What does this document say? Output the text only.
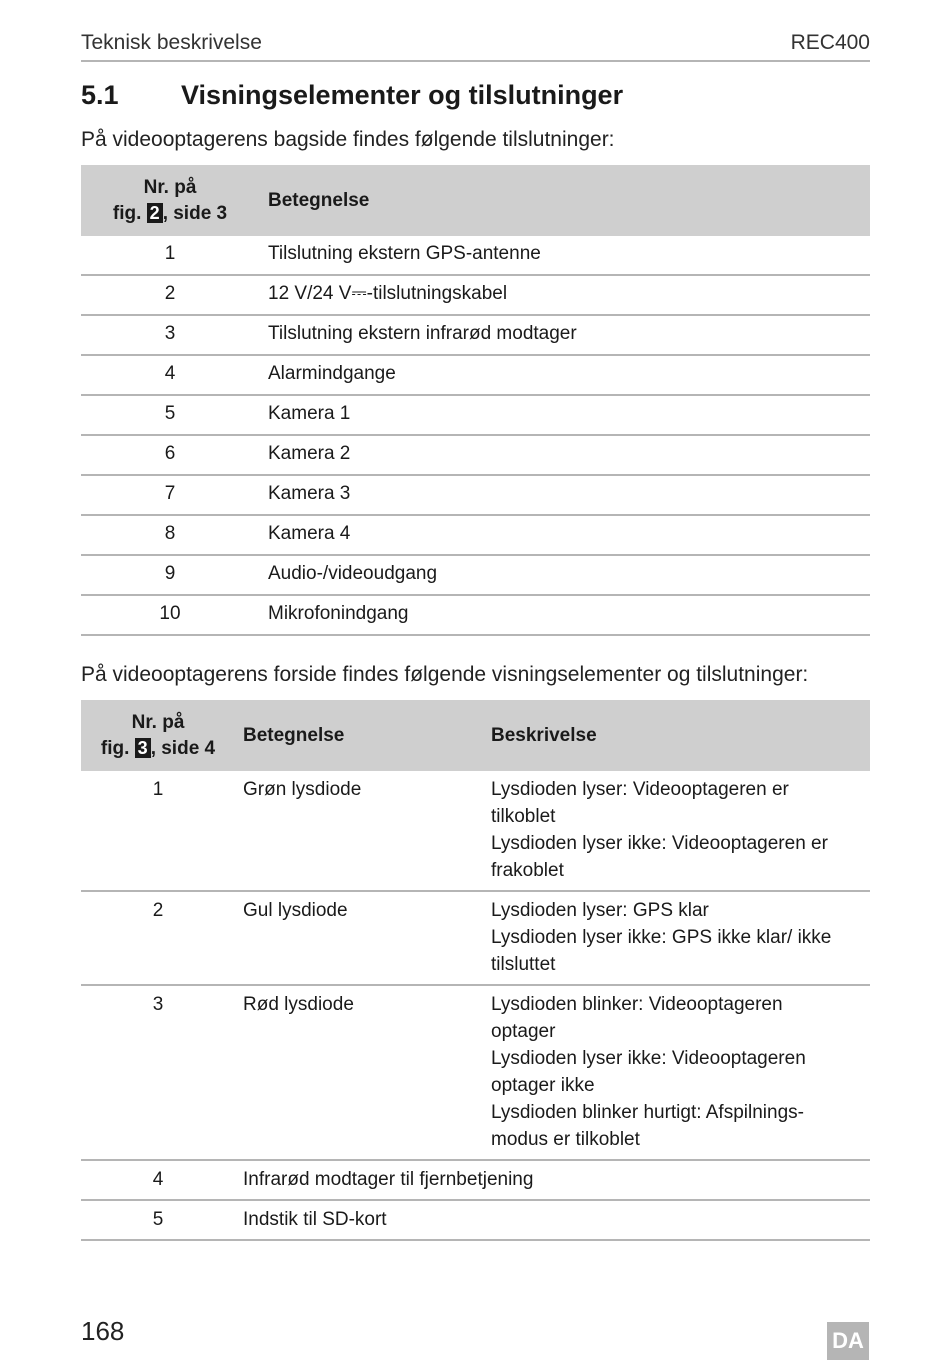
Teknisk beskrivelse	REC400
5.1 Visningselementer og tilslutninger
På videooptagerens bagside findes følgende tilslutninger:
Nr. på
fig. 2 , side 3	Betegnelse
1	Tilslutning ekstern GPS-antenne
2	12 V/24 V⎓-tilslutningskabel
3	Tilslutning ekstern infrarød modtager
4	Alarmindgange
5	Kamera 1
6	Kamera 2
7	Kamera 3
8	Kamera 4
9	Audio-/videoudgang
10	Mikrofonindgang
På videooptagerens forside findes følgende visningselementer og tilslutninger:
Nr. på
fig. 3 , side 4	Betegnelse	Beskrivelse
1	Grøn lysdiode	Lysdioden lyser: Videooptageren er tilkoblet
Lysdioden lyser ikke: Videooptageren er frakoblet

2	Gul lysdiode	Lysdioden lyser: GPS klar
Lysdioden lyser ikke: GPS ikke klar/ ikke tilsluttet

3	Rød lysdiode	Lysdioden blinker: Videooptageren optager
Lysdioden lyser ikke: Videooptageren optager ikke
Lysdioden blinker hurtigt: Afspilnings-modus er tilkoblet

4	Infrarød modtager til fjernbetjening	
5	Indstik til SD-kort	
168	DA
